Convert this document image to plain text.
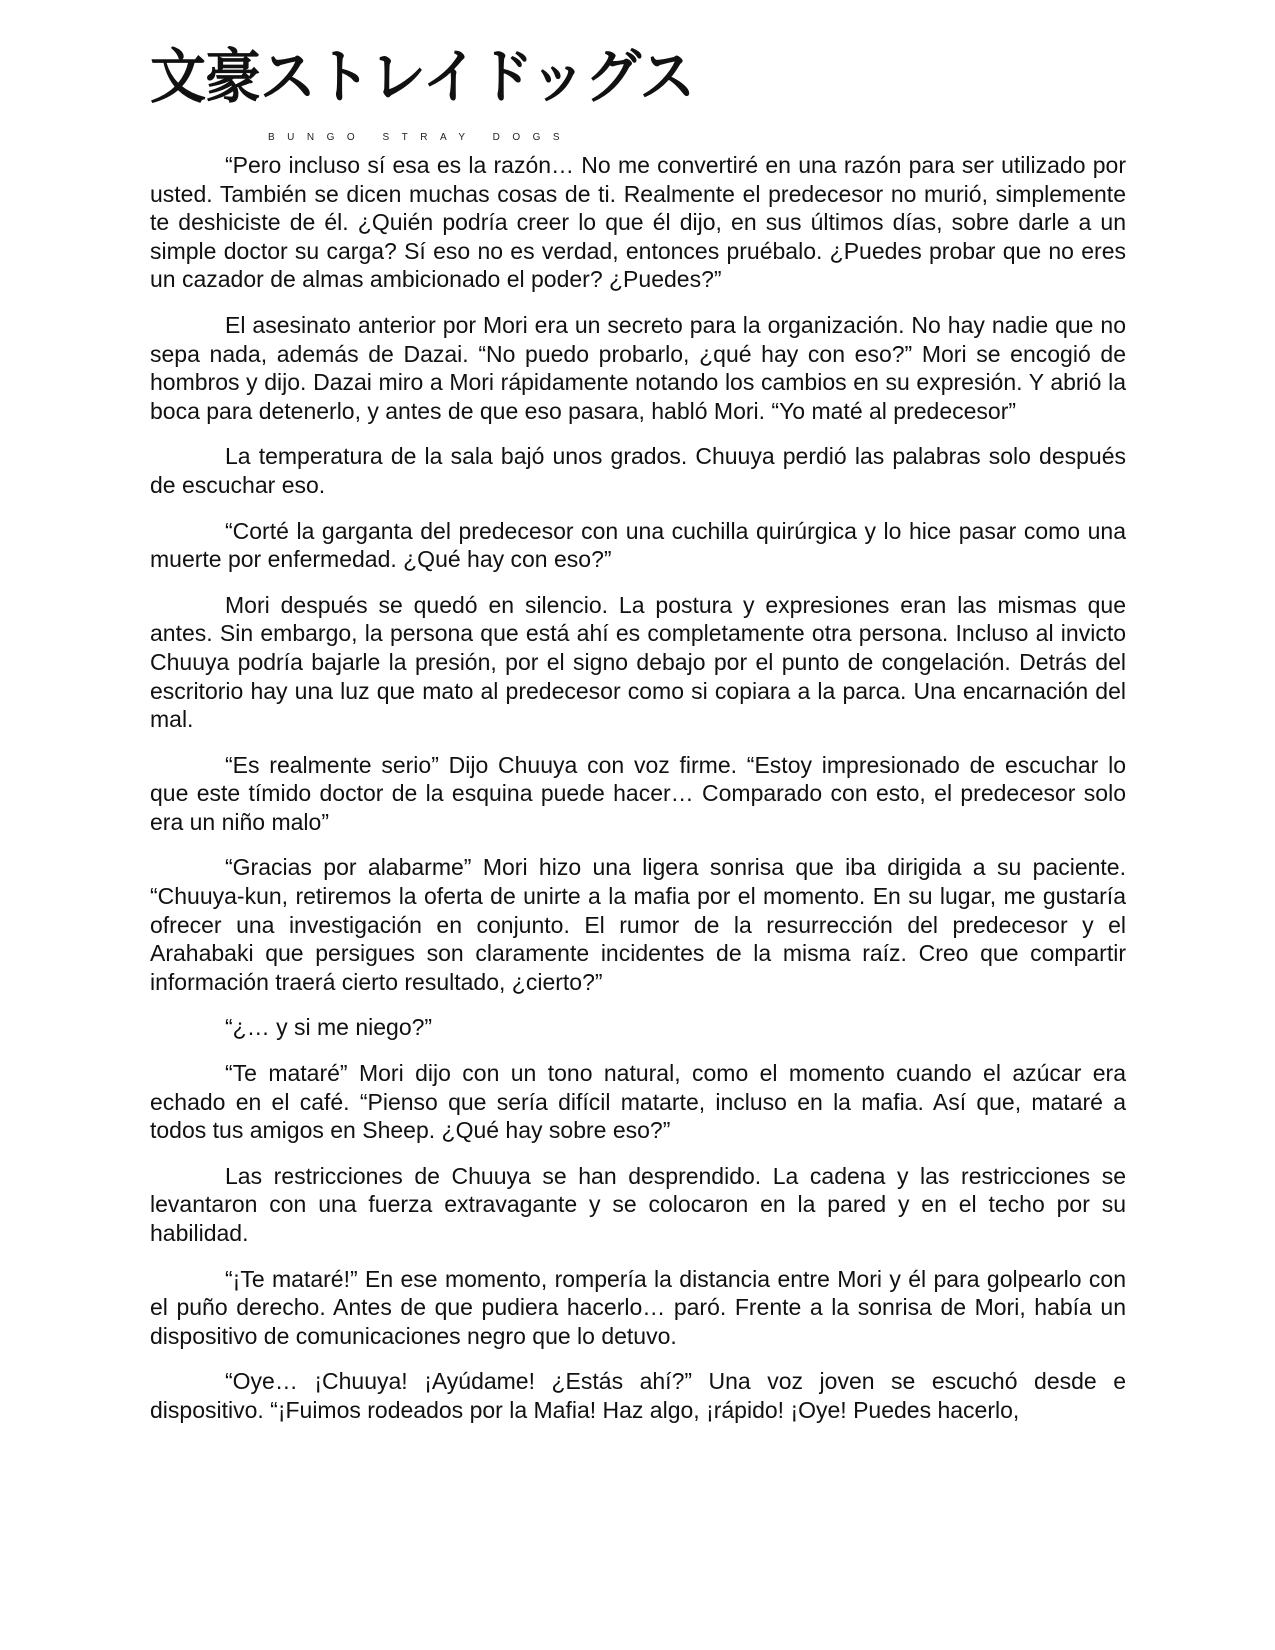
文豪ストレイドッグス
BUNGO STRAY DOGS

“Pero incluso sí esa es la razón… No me convertiré en una razón para ser utilizado por usted. También se dicen muchas cosas de ti. Realmente el predecesor no murió, simplemente te deshiciste de él. ¿Quién podría creer lo que él dijo, en sus últimos días, sobre darle a un simple doctor su carga? Sí eso no es verdad, entonces pruébalo. ¿Puedes probar que no eres un cazador de almas ambicionado el poder? ¿Puedes?”

El asesinato anterior por Mori era un secreto para la organización. No hay nadie que no sepa nada, además de Dazai. “No puedo probarlo, ¿qué hay con eso?” Mori se encogió de hombros y dijo. Dazai miro a Mori rápidamente notando los cambios en su expresión. Y abrió la boca para detenerlo, y antes de que eso pasara, habló Mori. “Yo maté al predecesor”

La temperatura de la sala bajó unos grados. Chuuya perdió las palabras solo después de escuchar eso.

“Corté la garganta del predecesor con una cuchilla quirúrgica y lo hice pasar como una muerte por enfermedad. ¿Qué hay con eso?”

Mori después se quedó en silencio. La postura y expresiones eran las mismas que antes. Sin embargo, la persona que está ahí es completamente otra persona. Incluso al invicto Chuuya podría bajarle la presión, por el signo debajo por el punto de congelación. Detrás del escritorio hay una luz que mato al predecesor como si copiara a la parca. Una encarnación del mal.

“Es realmente serio” Dijo Chuuya con voz firme. “Estoy impresionado de escuchar lo que este tímido doctor de la esquina puede hacer… Comparado con esto, el predecesor solo era un niño malo”

“Gracias por alabarme” Mori hizo una ligera sonrisa que iba dirigida a su paciente. “Chuuya-kun, retiremos la oferta de unirte a la mafia por el momento. En su lugar, me gustaría ofrecer una investigación en conjunto. El rumor de la resurrección del predecesor y el Arahabaki que persigues son claramente incidentes de la misma raíz. Creo que compartir información traerá cierto resultado, ¿cierto?”

“¿… y si me niego?”

“Te mataré” Mori dijo con un tono natural, como el momento cuando el azúcar era echado en el café. “Pienso que sería difícil matarte, incluso en la mafia. Así que, mataré a todos tus amigos en Sheep. ¿Qué hay sobre eso?”

Las restricciones de Chuuya se han desprendido. La cadena y las restricciones se levantaron con una fuerza extravagante y se colocaron en la pared y en el techo por su habilidad.

“¡Te mataré!” En ese momento, rompería la distancia entre Mori y él para golpearlo con el puño derecho. Antes de que pudiera hacerlo… paró. Frente a la sonrisa de Mori, había un dispositivo de comunicaciones negro que lo detuvo.

“Oye… ¡Chuuya! ¡Ayúdame! ¿Estás ahí?” Una voz joven se escuchó desde e dispositivo. “¡Fuimos rodeados por la Mafia! Haz algo, ¡rápido! ¡Oye! Puedes hacerlo,
